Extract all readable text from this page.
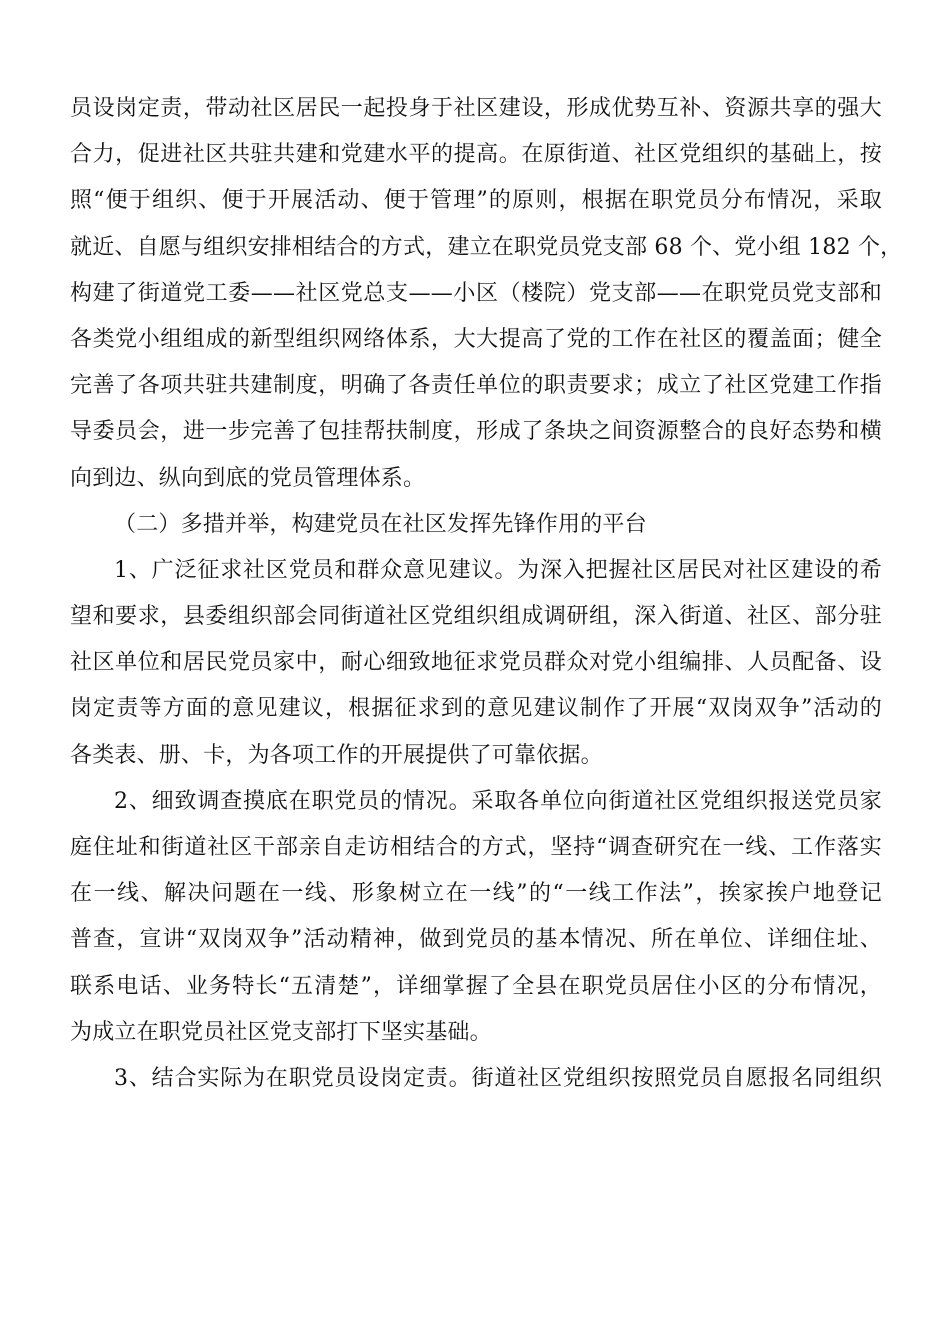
员设岗定责，带动社区居民一起投身于社区建设，形成优势互补、资源共享的强大
合力，促进社区共驻共建和党建水平的提高。在原街道、社区党组织的基础上，按
照“便于组织、便于开展活动、便于管理”的原则，根据在职党员分布情况，采取
就近、自愿与组织安排相结合的方式，建立在职党员党支部 68 个、党小组 182 个，
构建了街道党工委——社区党总支——小区（楼院）党支部——在职党员党支部和
各类党小组组成的新型组织网络体系，大大提高了党的工作在社区的覆盖面；健全
完善了各项共驻共建制度，明确了各责任单位的职责要求；成立了社区党建工作指
导委员会，进一步完善了包挂帮扶制度，形成了条块之间资源整合的良好态势和横
向到边、纵向到底的党员管理体系。
（二）多措并举，构建党员在社区发挥先锋作用的平台
1、广泛征求社区党员和群众意见建议。为深入把握社区居民对社区建设的希
望和要求，县委组织部会同街道社区党组织组成调研组，深入街道、社区、部分驻
社区单位和居民党员家中，耐心细致地征求党员群众对党小组编排、人员配备、设
岗定责等方面的意见建议，根据征求到的意见建议制作了开展“双岗双争”活动的
各类表、册、卡，为各项工作的开展提供了可靠依据。
2、细致调查摸底在职党员的情况。采取各单位向街道社区党组织报送党员家
庭住址和街道社区干部亲自走访相结合的方式，坚持“调查研究在一线、工作落实
在一线、解决问题在一线、形象树立在一线”的“一线工作法”，挨家挨户地登记
普查，宣讲“双岗双争”活动精神，做到党员的基本情况、所在单位、详细住址、
联系电话、业务特长“五清楚”，详细掌握了全县在职党员居住小区的分布情况，
为成立在职党员社区党支部打下坚实基础。
3、结合实际为在职党员设岗定责。街道社区党组织按照党员自愿报名同组织
